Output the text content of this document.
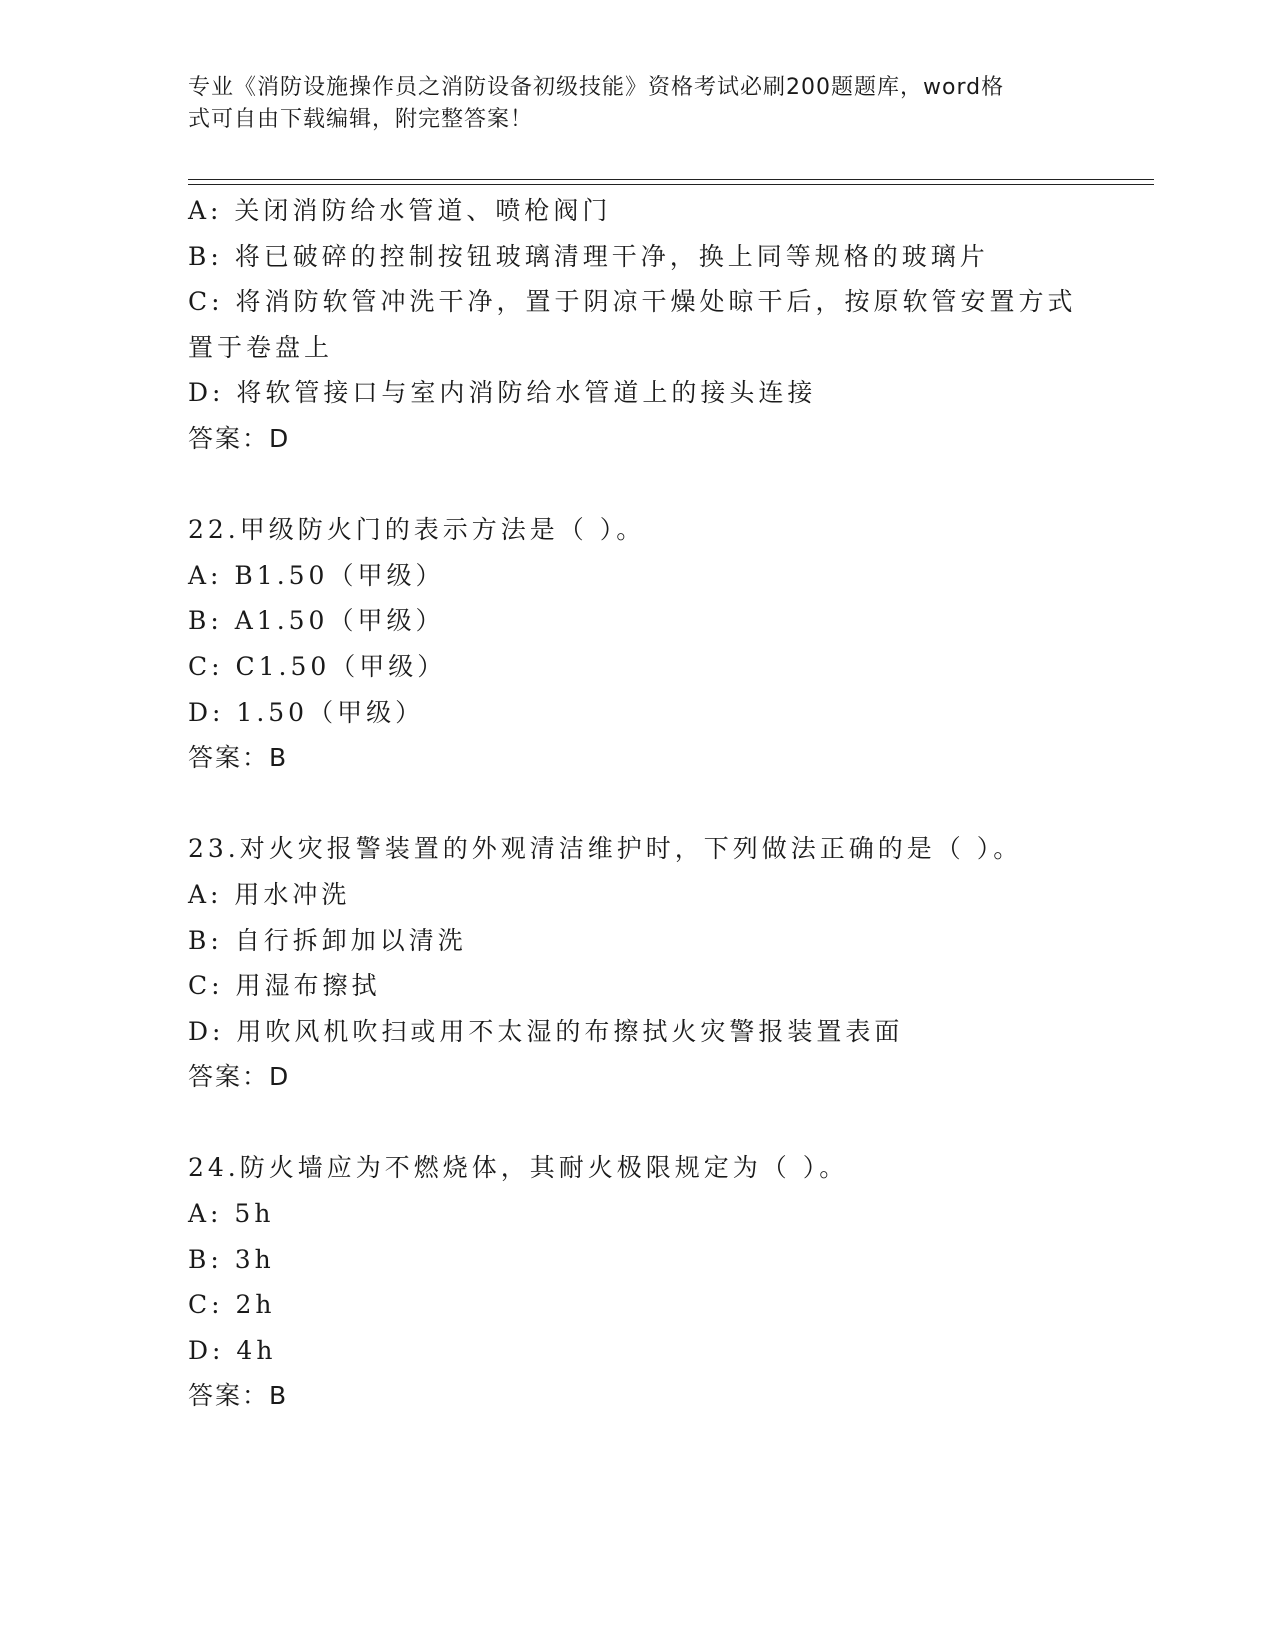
专业《消防设施操作员之消防设备初级技能》资格考试必刷200题题库，word格

式可自由下载编辑，附完整答案！

A: 关闭消防给水管道、喷枪阀门

B: 将已破碎的控制按钮玻璃清理干净，换上同等规格的玻璃片

C: 将消防软管冲洗干净，置于阴凉干燥处晾干后，按原软管安置方式

置于卷盘上

D: 将软管接口与室内消防给水管道上的接头连接

答案：D

22.甲级防火门的表示方法是（ ）。

A: B1.50（甲级）

B: A1.50（甲级）

C: C1.50（甲级）

D: 1.50（甲级）

答案：B

23.对火灾报警装置的外观清洁维护时，下列做法正确的是（ ）。

A: 用水冲洗

B: 自行拆卸加以清洗

C: 用湿布擦拭

D: 用吹风机吹扫或用不太湿的布擦拭火灾警报装置表面

答案：D

24.防火墙应为不燃烧体，其耐火极限规定为（ ）。

A: 5h

B: 3h

C: 2h

D: 4h

答案：B
